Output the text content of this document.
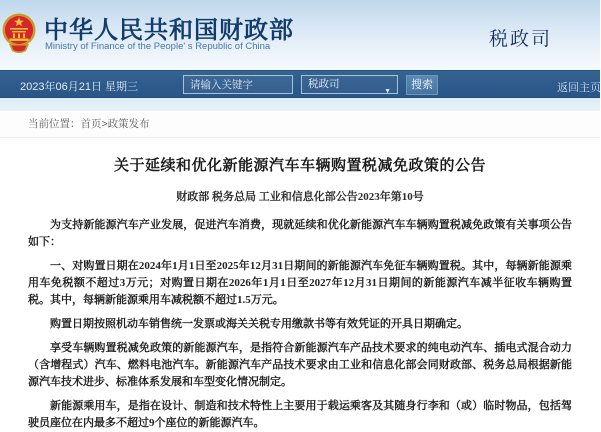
中华人民共和国财政部
Ministry of Finance of the People' s Republic of China	税政司
2023年06月21日 星期三
请输入关键字	税政司
▼
搜索	返回主页
当前位置：首页>政策发布
关于延续和优化新能源汽车车辆购置税减免政策的公告
财政部 税务总局 工业和信息化部公告2023年第10号

为支持新能源汽车产业发展，促进汽车消费，现就延续和优化新能源汽车车辆购置税减免政策有关事项公告如下：

一、对购置日期在2024年1月1日至2025年12月31日期间的新能源汽车免征车辆购置税。其中，每辆新能源乘用车免税额不超过3万元；对购置日期在2026年1月1日至2027年12月31日期间的新能源汽车减半征收车辆购置税。其中，每辆新能源乘用车减税额不超过1.5万元。

购置日期按照机动车销售统一发票或海关关税专用缴款书等有效凭证的开具日期确定。

享受车辆购置税减免政策的新能源汽车，是指符合新能源汽车产品技术要求的纯电动汽车、插电式混合动力（含增程式）汽车、燃料电池汽车。新能源汽车产品技术要求由工业和信息化部会同财政部、税务总局根据新能源汽车技术进步、标准体系发展和车型变化情况制定。

新能源乘用车，是指在设计、制造和技术特性上主要用于载运乘客及其随身行李和（或）临时物品，包括驾驶员座位在内最多不超过9个座位的新能源汽车。
